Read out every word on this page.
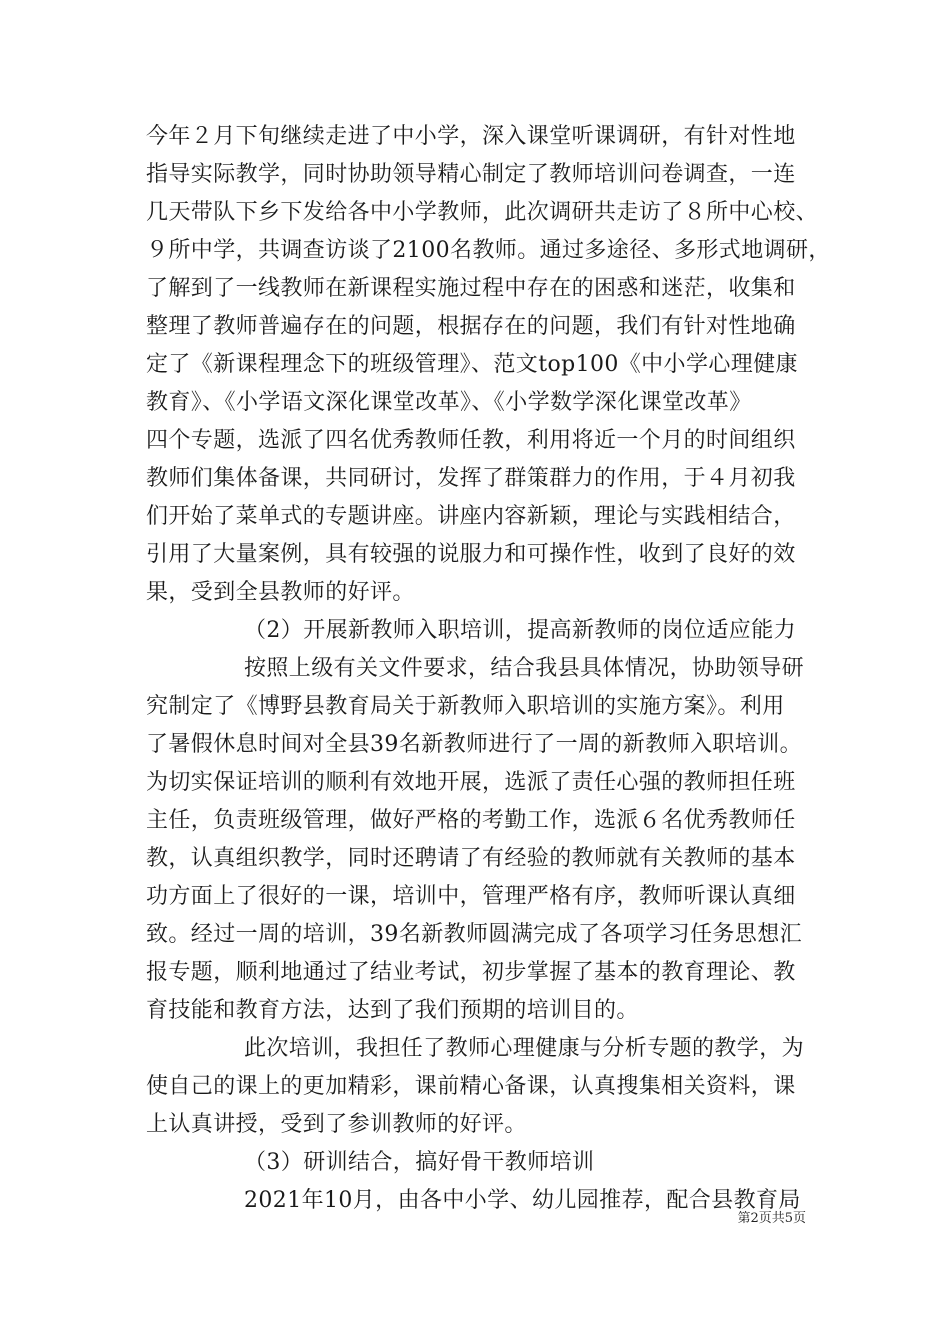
今年２月下旬继续走进了中小学，深入课堂听课调研，有针对性地
指导实际教学，同时协助领导精心制定了教师培训问卷调查，一连
几天带队下乡下发给各中小学教师，此次调研共走访了８所中心校、
９所中学，共调查访谈了2100名教师。通过多途径、多形式地调研，
了解到了一线教师在新课程实施过程中存在的困惑和迷茫，收集和
整理了教师普遍存在的问题，根据存在的问题，我们有针对性地确
定了《新课程理念下的班级管理》、范文top100《中小学心理健康
教育》、《小学语文深化课堂改革》、《小学数学深化课堂改革》
四个专题，选派了四名优秀教师任教，利用将近一个月的时间组织
教师们集体备课，共同研讨，发挥了群策群力的作用，于４月初我
们开始了菜单式的专题讲座。讲座内容新颖，理论与实践相结合，
引用了大量案例，具有较强的说服力和可操作性，收到了良好的效
果，受到全县教师的好评。
（2）开展新教师入职培训，提高新教师的岗位适应能力
按照上级有关文件要求，结合我县具体情况，协助领导研
究制定了《博野县教育局关于新教师入职培训的实施方案》。利用
了暑假休息时间对全县39名新教师进行了一周的新教师入职培训。
为切实保证培训的顺利有效地开展，选派了责任心强的教师担任班
主任，负责班级管理，做好严格的考勤工作，选派６名优秀教师任
教，认真组织教学，同时还聘请了有经验的教师就有关教师的基本
功方面上了很好的一课，培训中，管理严格有序，教师听课认真细
致。经过一周的培训，39名新教师圆满完成了各项学习任务思想汇
报专题，顺利地通过了结业考试，初步掌握了基本的教育理论、教
育技能和教育方法，达到了我们预期的培训目的。
此次培训，我担任了教师心理健康与分析专题的教学，为
使自己的课上的更加精彩，课前精心备课，认真搜集相关资料，课
上认真讲授，受到了参训教师的好评。
（3）研训结合，搞好骨干教师培训
2021年10月，由各中小学、幼儿园推荐，配合县教育局
第2页共5页
